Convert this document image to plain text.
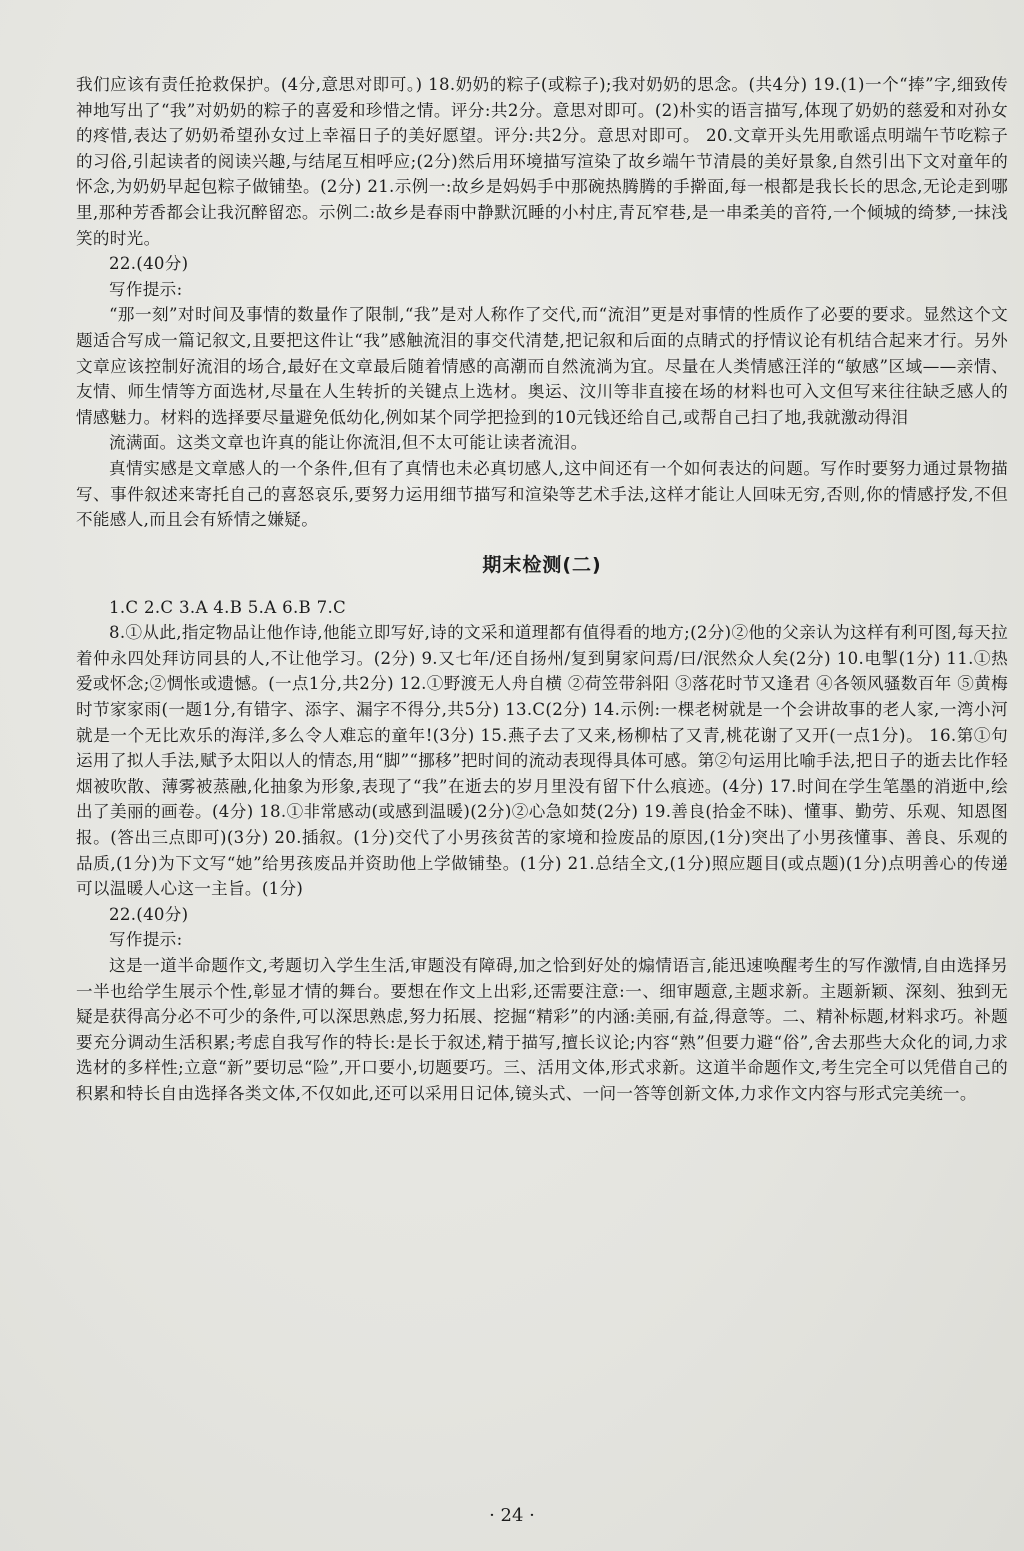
我们应该有责任抢救保护。(4分,意思对即可。) 18.奶奶的粽子(或粽子);我对奶奶的思念。(共4分) 19.(1)一个“捧”字,细致传神地写出了“我”对奶奶的粽子的喜爱和珍惜之情。评分:共2分。意思对即可。(2)朴实的语言描写,体现了奶奶的慈爱和对孙女的疼惜,表达了奶奶希望孙女过上幸福日子的美好愿望。评分:共2分。意思对即可。 20.文章开头先用歌谣点明端午节吃粽子的习俗,引起读者的阅读兴趣,与结尾互相呼应;(2分)然后用环境描写渲染了故乡端午节清晨的美好景象,自然引出下文对童年的怀念,为奶奶早起包粽子做铺垫。(2分) 21.示例一:故乡是妈妈手中那碗热腾腾的手擀面,每一根都是我长长的思念,无论走到哪里,那种芳香都会让我沉醉留恋。示例二:故乡是春雨中静默沉睡的小村庄,青瓦窄巷,是一串柔美的音符,一个倾城的绮梦,一抹浅笑的时光。

22.(40分)

写作提示:

“那一刻”对时间及事情的数量作了限制,“我”是对人称作了交代,而“流泪”更是对事情的性质作了必要的要求。显然这个文题适合写成一篇记叙文,且要把这件让“我”感触流泪的事交代清楚,把记叙和后面的点睛式的抒情议论有机结合起来才行。另外文章应该控制好流泪的场合,最好在文章最后随着情感的高潮而自然流淌为宜。尽量在人类情感汪洋的“敏感”区域——亲情、友情、师生情等方面选材,尽量在人生转折的关键点上选材。奥运、汶川等非直接在场的材料也可入文但写来往往缺乏感人的情感魅力。材料的选择要尽量避免低幼化,例如某个同学把捡到的10元钱还给自己,或帮自己扫了地,我就激动得泪

流满面。这类文章也许真的能让你流泪,但不太可能让读者流泪。

真情实感是文章感人的一个条件,但有了真情也未必真切感人,这中间还有一个如何表达的问题。写作时要努力通过景物描写、事件叙述来寄托自己的喜怒哀乐,要努力运用细节描写和渲染等艺术手法,这样才能让人回味无穷,否则,你的情感抒发,不但不能感人,而且会有矫情之嫌疑。

期末检测(二)

1.C 2.C 3.A 4.B 5.A 6.B 7.C

8.①从此,指定物品让他作诗,他能立即写好,诗的文采和道理都有值得看的地方;(2分)②他的父亲认为这样有利可图,每天拉着仲永四处拜访同县的人,不让他学习。(2分) 9.又七年/还自扬州/复到舅家问焉/曰/泯然众人矣(2分) 10.电掣(1分) 11.①热爱或怀念;②惆怅或遗憾。(一点1分,共2分) 12.①野渡无人舟自横 ②荷笠带斜阳 ③落花时节又逢君 ④各领风骚数百年 ⑤黄梅时节家家雨(一题1分,有错字、添字、漏字不得分,共5分) 13.C(2分) 14.示例:一棵老树就是一个会讲故事的老人家,一湾小河就是一个无比欢乐的海洋,多么令人难忘的童年!(3分) 15.燕子去了又来,杨柳枯了又青,桃花谢了又开(一点1分)。 16.第①句运用了拟人手法,赋予太阳以人的情态,用“脚”“挪移”把时间的流动表现得具体可感。第②句运用比喻手法,把日子的逝去比作轻烟被吹散、薄雾被蒸融,化抽象为形象,表现了“我”在逝去的岁月里没有留下什么痕迹。(4分) 17.时间在学生笔墨的消逝中,绘出了美丽的画卷。(4分) 18.①非常感动(或感到温暖)(2分)②心急如焚(2分) 19.善良(拾金不昧)、懂事、勤劳、乐观、知恩图报。(答出三点即可)(3分) 20.插叙。(1分)交代了小男孩贫苦的家境和捡废品的原因,(1分)突出了小男孩懂事、善良、乐观的品质,(1分)为下文写“她”给男孩废品并资助他上学做铺垫。(1分) 21.总结全文,(1分)照应题目(或点题)(1分)点明善心的传递可以温暖人心这一主旨。(1分)

22.(40分)

写作提示:

这是一道半命题作文,考题切入学生生活,审题没有障碍,加之恰到好处的煽情语言,能迅速唤醒考生的写作激情,自由选择另一半也给学生展示个性,彰显才情的舞台。要想在作文上出彩,还需要注意:一、细审题意,主题求新。主题新颖、深刻、独到无疑是获得高分必不可少的条件,可以深思熟虑,努力拓展、挖掘“精彩”的内涵:美丽,有益,得意等。二、精补标题,材料求巧。补题要充分调动生活积累;考虑自我写作的特长:是长于叙述,精于描写,擅长议论;内容“熟”但要力避“俗”,舍去那些大众化的词,力求选材的多样性;立意“新”要切忌“险”,开口要小,切题要巧。三、活用文体,形式求新。这道半命题作文,考生完全可以凭借自己的积累和特长自由选择各类文体,不仅如此,还可以采用日记体,镜头式、一问一答等创新文体,力求作文内容与形式完美统一。

· 24 ·
